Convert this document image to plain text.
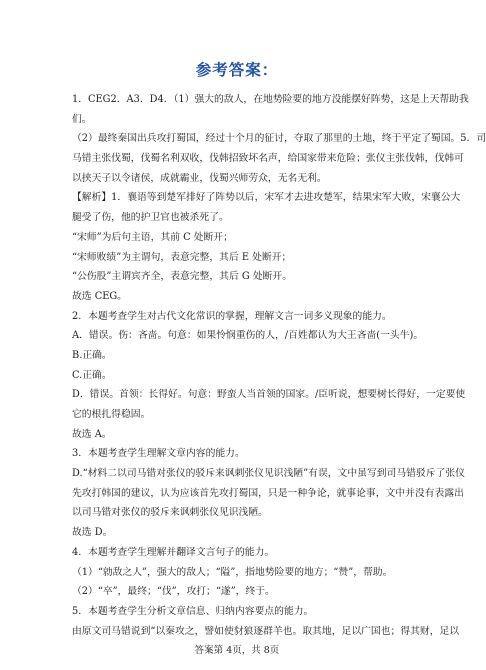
参考答案：
1．CEG2．A3．D4．（1）强大的敌人，在地势险要的地方没能摆好阵势，这是上天帮助我
们。
（2）最终秦国出兵攻打蜀国，经过十个月的征讨，夺取了那里的土地，终于平定了蜀国。5．司
马错主张伐蜀，伐蜀名利双收，伐韩招致坏名声，给国家带来危险；张仪主张伐韩，伐韩可
以挟天子以令诸侯，成就霸业，伐蜀兴师劳众，无名无利。
【解析】1．襄语等到楚军排好了阵势以后，宋军才去进攻楚军，结果宋军大败，宋襄公大
腿受了伤，他的护卫官也被杀死了。
“宋师”为后句主语，其前 C 处断开；
“宋师败绩”为主谓句，表意完整，其后 E 处断开；
“公伤股”主谓宾齐全，表意完整，其后 G 处断开。
故选 CEG。
2．本题考查学生对古代文化常识的掌握，理解文言一词多义现象的能力。
A．错误。伤：吝啬。句意：如果怜悯重伤的人，/百姓都认为大王吝啬(一头牛)。
B.正确。
C.正确。
D．错误。首领：长得好。句意：野蛮人当首领的国家。/臣听说，想要树长得好，一定要使
它的根扎得稳固。
故选 A。
3．本题考查学生理解文章内容的能力。
D.“材料二以司马错对张仪的驳斥来讽刺张仪见识浅陋”有误，文中虽写到司马错驳斥了张仪
先攻打韩国的建议，认为应该首先攻打蜀国，只是一种争论，就事论事，文中并没有表露出
以司马错对张仪的驳斥来讽刺张仪见识浅陋。
故选 D。
4．本题考查学生理解并翻译文言句子的能力。
（1）“勍敌之人”，强大的敌人；“隘”，指地势险要的地方；“赞”，帮助。
（2）“卒”，最终；“伐”，攻打；“遂”，终于。
5．本题考查学生分析文章信息、归纳内容要点的能力。
由原文司马错说到“以秦攻之，譬如使豺狼逐群羊也。取其地，足以广国也；得其财，足以
答案第 4页，共 8页
